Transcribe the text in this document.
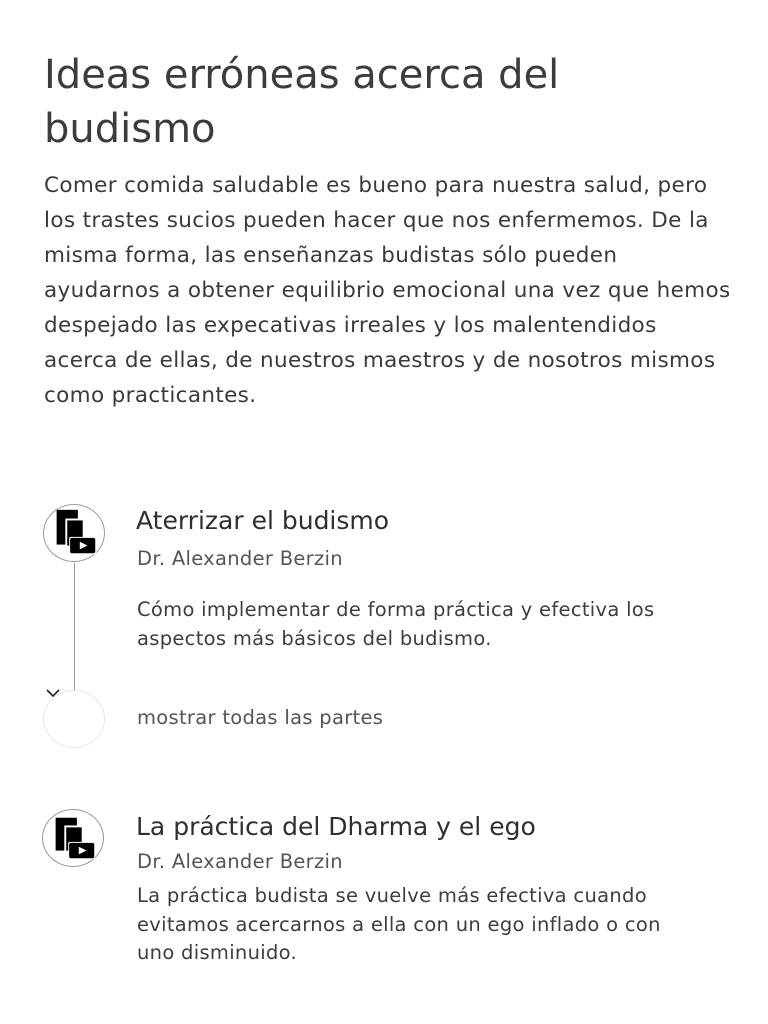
Ideas erróneas acerca del budismo

Comer comida saludable es bueno para nuestra salud, pero los trastes sucios pueden hacer que nos enfermemos. De la misma forma, las enseñanzas budistas sólo pueden ayudarnos a obtener equilibrio emocional una vez que hemos despejado las expecativas irreales y los malentendidos acerca de ellas, de nuestros maestros y de nosotros mismos como practicantes.

Aterrizar el budismo
Dr. Alexander Berzin

Cómo implementar de forma práctica y efectiva los aspectos más básicos del budismo.

mostrar todas las partes
La práctica del Dharma y el ego
Dr. Alexander Berzin

La práctica budista se vuelve más efectiva cuando evitamos acercarnos a ella con un ego inflado o con uno disminuido.
